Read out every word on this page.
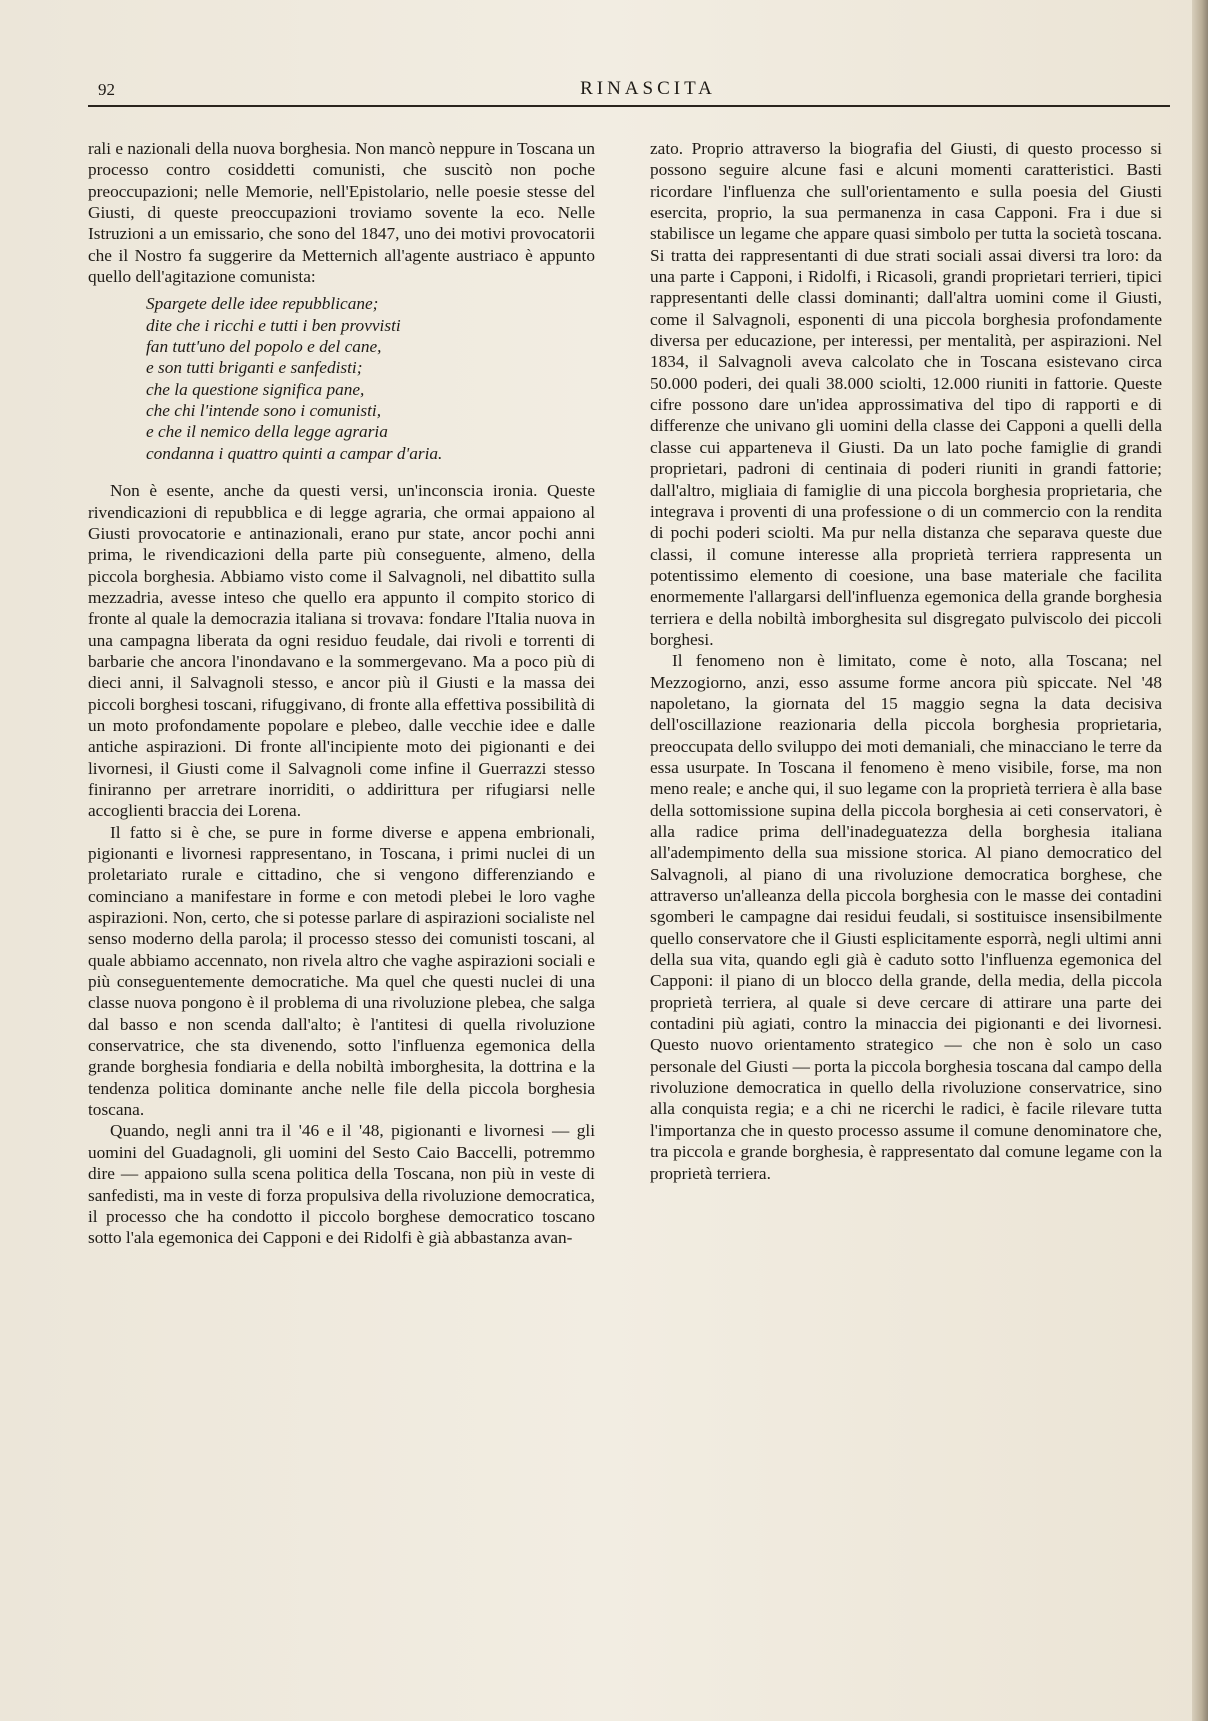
92	RINASCITA

rali e nazionali della nuova borghesia. Non mancò neppure in Toscana un processo contro cosiddetti comunisti, che suscitò non poche preoccupazioni; nelle Memorie, nell'Epistolario, nelle poesie stesse del Giusti, di queste preoccupazioni troviamo sovente la eco. Nelle Istruzioni a un emissario, che sono del 1847, uno dei motivi provocatorii che il Nostro fa suggerire da Metternich all'agente austriaco è appunto quello dell'agitazione comunista:

Spargete delle idee repubblicane;
dite che i ricchi e tutti i ben provvisti
fan tutt'uno del popolo e del cane,
e son tutti briganti e sanfedisti;
che la questione significa pane,
che chi l'intende sono i comunisti,
e che il nemico della legge agraria
condanna i quattro quinti a campar d'aria.

Non è esente, anche da questi versi, un'inconscia ironia. Queste rivendicazioni di repubblica e di legge agraria, che ormai appaiono al Giusti provocatorie e antinazionali, erano pur state, ancor pochi anni prima, le rivendicazioni della parte più conseguente, almeno, della piccola borghesia. Abbiamo visto come il Salvagnoli, nel dibattito sulla mezzadria, avesse inteso che quello era appunto il compito storico di fronte al quale la democrazia italiana si trovava: fondare l'Italia nuova in una campagna liberata da ogni residuo feudale, dai rivoli e torrenti di barbarie che ancora l'inondavano e la sommergevano. Ma a poco più di dieci anni, il Salvagnoli stesso, e ancor più il Giusti e la massa dei piccoli borghesi toscani, rifuggivano, di fronte alla effettiva possibilità di un moto profondamente popolare e plebeo, dalle vecchie idee e dalle antiche aspirazioni. Di fronte all'incipiente moto dei pigionanti e dei livornesi, il Giusti come il Salvagnoli come infine il Guerrazzi stesso finiranno per arretrare inorriditi, o addirittura per rifugiarsi nelle accoglienti braccia dei Lorena.

Il fatto si è che, se pure in forme diverse e appena embrionali, pigionanti e livornesi rappresentano, in Toscana, i primi nuclei di un proletariato rurale e cittadino, che si vengono differenziando e cominciano a manifestare in forme e con metodi plebei le loro vaghe aspirazioni. Non, certo, che si potesse parlare di aspirazioni socialiste nel senso moderno della parola; il processo stesso dei comunisti toscani, al quale abbiamo accennato, non rivela altro che vaghe aspirazioni sociali e più conseguentemente democratiche. Ma quel che questi nuclei di una classe nuova pongono è il problema di una rivoluzione plebea, che salga dal basso e non scenda dall'alto; è l'antitesi di quella rivoluzione conservatrice, che sta divenendo, sotto l'influenza egemonica della grande borghesia fondiaria e della nobiltà imborghesita, la dottrina e la tendenza politica dominante anche nelle file della piccola borghesia toscana.

Quando, negli anni tra il '46 e il '48, pigionanti e livornesi — gli uomini del Guadagnoli, gli uomini del Sesto Caio Baccelli, potremmo dire — appaiono sulla scena politica della Toscana, non più in veste di sanfedisti, ma in veste di forza propulsiva della rivoluzione democratica, il processo che ha condotto il piccolo borghese democratico toscano sotto l'ala egemonica dei Capponi e dei Ridolfi è già abbastanza avan-

zato. Proprio attraverso la biografia del Giusti, di questo processo si possono seguire alcune fasi e alcuni momenti caratteristici. Basti ricordare l'influenza che sull'orientamento e sulla poesia del Giusti esercita, proprio, la sua permanenza in casa Capponi. Fra i due si stabilisce un legame che appare quasi simbolo per tutta la società toscana. Si tratta dei rappresentanti di due strati sociali assai diversi tra loro: da una parte i Capponi, i Ridolfi, i Ricasoli, grandi proprietari terrieri, tipici rappresentanti delle classi dominanti; dall'altra uomini come il Giusti, come il Salvagnoli, esponenti di una piccola borghesia profondamente diversa per educazione, per interessi, per mentalità, per aspirazioni. Nel 1834, il Salvagnoli aveva calcolato che in Toscana esistevano circa 50.000 poderi, dei quali 38.000 sciolti, 12.000 riuniti in fattorie. Queste cifre possono dare un'idea approssimativa del tipo di rapporti e di differenze che univano gli uomini della classe dei Capponi a quelli della classe cui apparteneva il Giusti. Da un lato poche famiglie di grandi proprietari, padroni di centinaia di poderi riuniti in grandi fattorie; dall'altro, migliaia di famiglie di una piccola borghesia proprietaria, che integrava i proventi di una professione o di un commercio con la rendita di pochi poderi sciolti. Ma pur nella distanza che separava queste due classi, il comune interesse alla proprietà terriera rappresenta un potentissimo elemento di coesione, una base materiale che facilita enormemente l'allargarsi dell'influenza egemonica della grande borghesia terriera e della nobiltà imborghesita sul disgregato pulviscolo dei piccoli borghesi.

Il fenomeno non è limitato, come è noto, alla Toscana; nel Mezzogiorno, anzi, esso assume forme ancora più spiccate. Nel '48 napoletano, la giornata del 15 maggio segna la data decisiva dell'oscillazione reazionaria della piccola borghesia proprietaria, preoccupata dello sviluppo dei moti demaniali, che minacciano le terre da essa usurpate. In Toscana il fenomeno è meno visibile, forse, ma non meno reale; e anche qui, il suo legame con la proprietà terriera è alla base della sottomissione supina della piccola borghesia ai ceti conservatori, è alla radice prima dell'inadeguatezza della borghesia italiana all'adempimento della sua missione storica. Al piano democratico del Salvagnoli, al piano di una rivoluzione democratica borghese, che attraverso un'alleanza della piccola borghesia con le masse dei contadini sgomberi le campagne dai residui feudali, si sostituisce insensibilmente quello conservatore che il Giusti esplicitamente esporrà, negli ultimi anni della sua vita, quando egli già è caduto sotto l'influenza egemonica del Capponi: il piano di un blocco della grande, della media, della piccola proprietà terriera, al quale si deve cercare di attirare una parte dei contadini più agiati, contro la minaccia dei pigionanti e dei livornesi. Questo nuovo orientamento strategico — che non è solo un caso personale del Giusti — porta la piccola borghesia toscana dal campo della rivoluzione democratica in quello della rivoluzione conservatrice, sino alla conquista regia; e a chi ne ricerchi le radici, è facile rilevare tutta l'importanza che in questo processo assume il comune denominatore che, tra piccola e grande borghesia, è rappresentato dal comune legame con la proprietà terriera.
